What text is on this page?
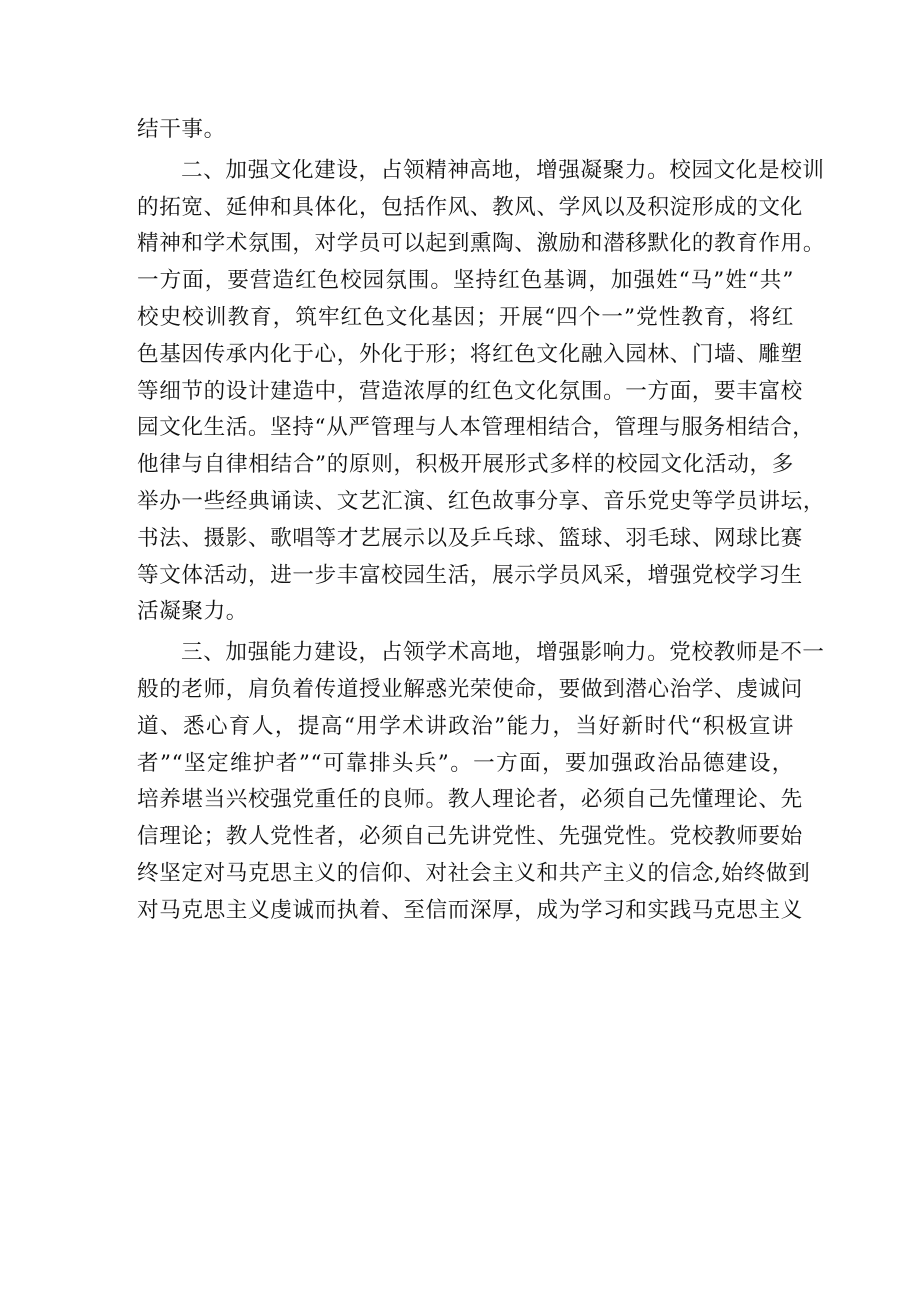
结干事。
二、加强文化建设，占领精神高地，增强凝聚力。校园文化是校训
的拓宽、延伸和具体化，包括作风、教风、学风以及积淀形成的文化
精神和学术氛围，对学员可以起到熏陶、激励和潜移默化的教育作用。
一方面，要营造红色校园氛围。坚持红色基调，加强姓“马”姓“共”
校史校训教育，筑牢红色文化基因；开展“四个一”党性教育，将红
色基因传承内化于心，外化于形；将红色文化融入园林、门墙、雕塑
等细节的设计建造中，营造浓厚的红色文化氛围。一方面，要丰富校
园文化生活。坚持“从严管理与人本管理相结合，管理与服务相结合，
他律与自律相结合”的原则，积极开展形式多样的校园文化活动，多
举办一些经典诵读、文艺汇演、红色故事分享、音乐党史等学员讲坛，
书法、摄影、歌唱等才艺展示以及乒乓球、篮球、羽毛球、网球比赛
等文体活动，进一步丰富校园生活，展示学员风采，增强党校学习生
活凝聚力。
三、加强能力建设，占领学术高地，增强影响力。党校教师是不一
般的老师，肩负着传道授业解惑光荣使命，要做到潜心治学、虔诚问
道、悉心育人，提高“用学术讲政治”能力，当好新时代“积极宣讲
者”“坚定维护者”“可靠排头兵”。一方面，要加强政治品德建设，
培养堪当兴校强党重任的良师。教人理论者，必须自己先懂理论、先
信理论；教人党性者，必须自己先讲党性、先强党性。党校教师要始
终坚定对马克思主义的信仰、对社会主义和共产主义的信念,始终做到
对马克思主义虔诚而执着、至信而深厚，成为学习和实践马克思主义
